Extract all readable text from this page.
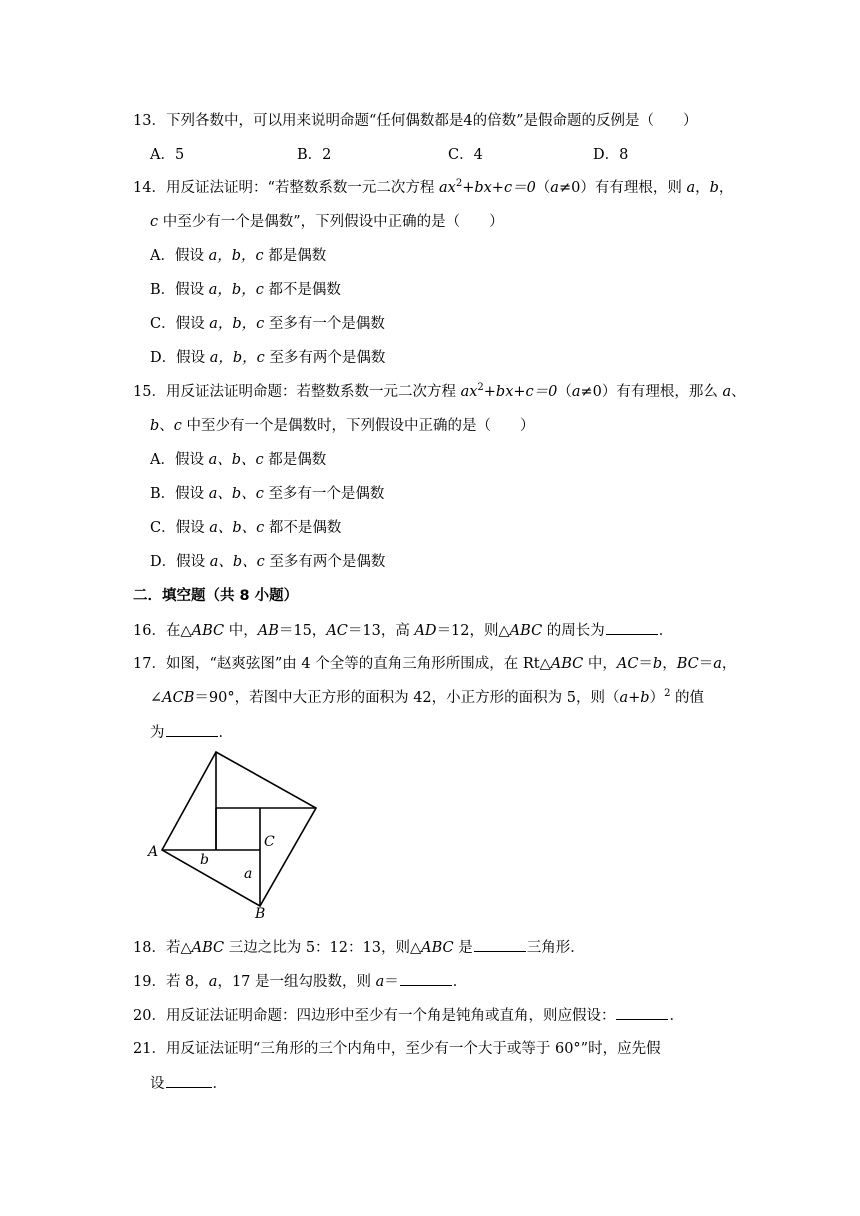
13．下列各数中，可以用来说明命题“任何偶数都是4的倍数”是假命题的反例是（　　）
A．5	B．2	C．4	D．8
14．用反证法证明：“若整数系数一元二次方程 $ax^2+bx+c=0(a\ne 0)$有有理根，则 a，b，
c 中至少有一个是偶数”，下列假设中正确的是（　　）
A．假设 a，b，c 都是偶数
B．假设 a，b，c 都不是偶数
C．假设 a，b，c 至多有一个是偶数
D．假设 a，b，c 至多有两个是偶数
15．用反证法证明命题：若整数系数一元二次方程 $ax^2+bx+c=0(a\ne 0)$有有理根，那么 a、
b、c 中至少有一个是偶数时，下列假设中正确的是（　　）
A．假设 a、b、c 都是偶数
B．假设 a、b、c 至多有一个是偶数
C．假设 a、b、c 都不是偶数
D．假设 a、b、c 至多有两个是偶数
二．填空题（共 8 小题）
16．在△ABC 中，AB＝15，AC＝13，高 AD＝12，则△ABC 的周长为	．
17．如图，“赵爽弦图”由 4 个全等的直角三角形所围成，在 Rt△ABC 中，AC＝b，BC＝a，
∠ACB＝90°，若图中大正方形的面积为 42，小正方形的面积为 5，则$(a+b)^2$ 的值
为	．
A
B
C
b
a
18．若△ABC 三边之比为 5：12：13，则△ABC 是	三角形．
19．若 8，a，17 是一组勾股数，则 a＝	．
20．用反证法证明命题：四边形中至少有一个角是钝角或直角，则应假设：	．
21．用反证法证明“三角形的三个内角中，至少有一个大于或等于 60°”时，应先假
设	．
